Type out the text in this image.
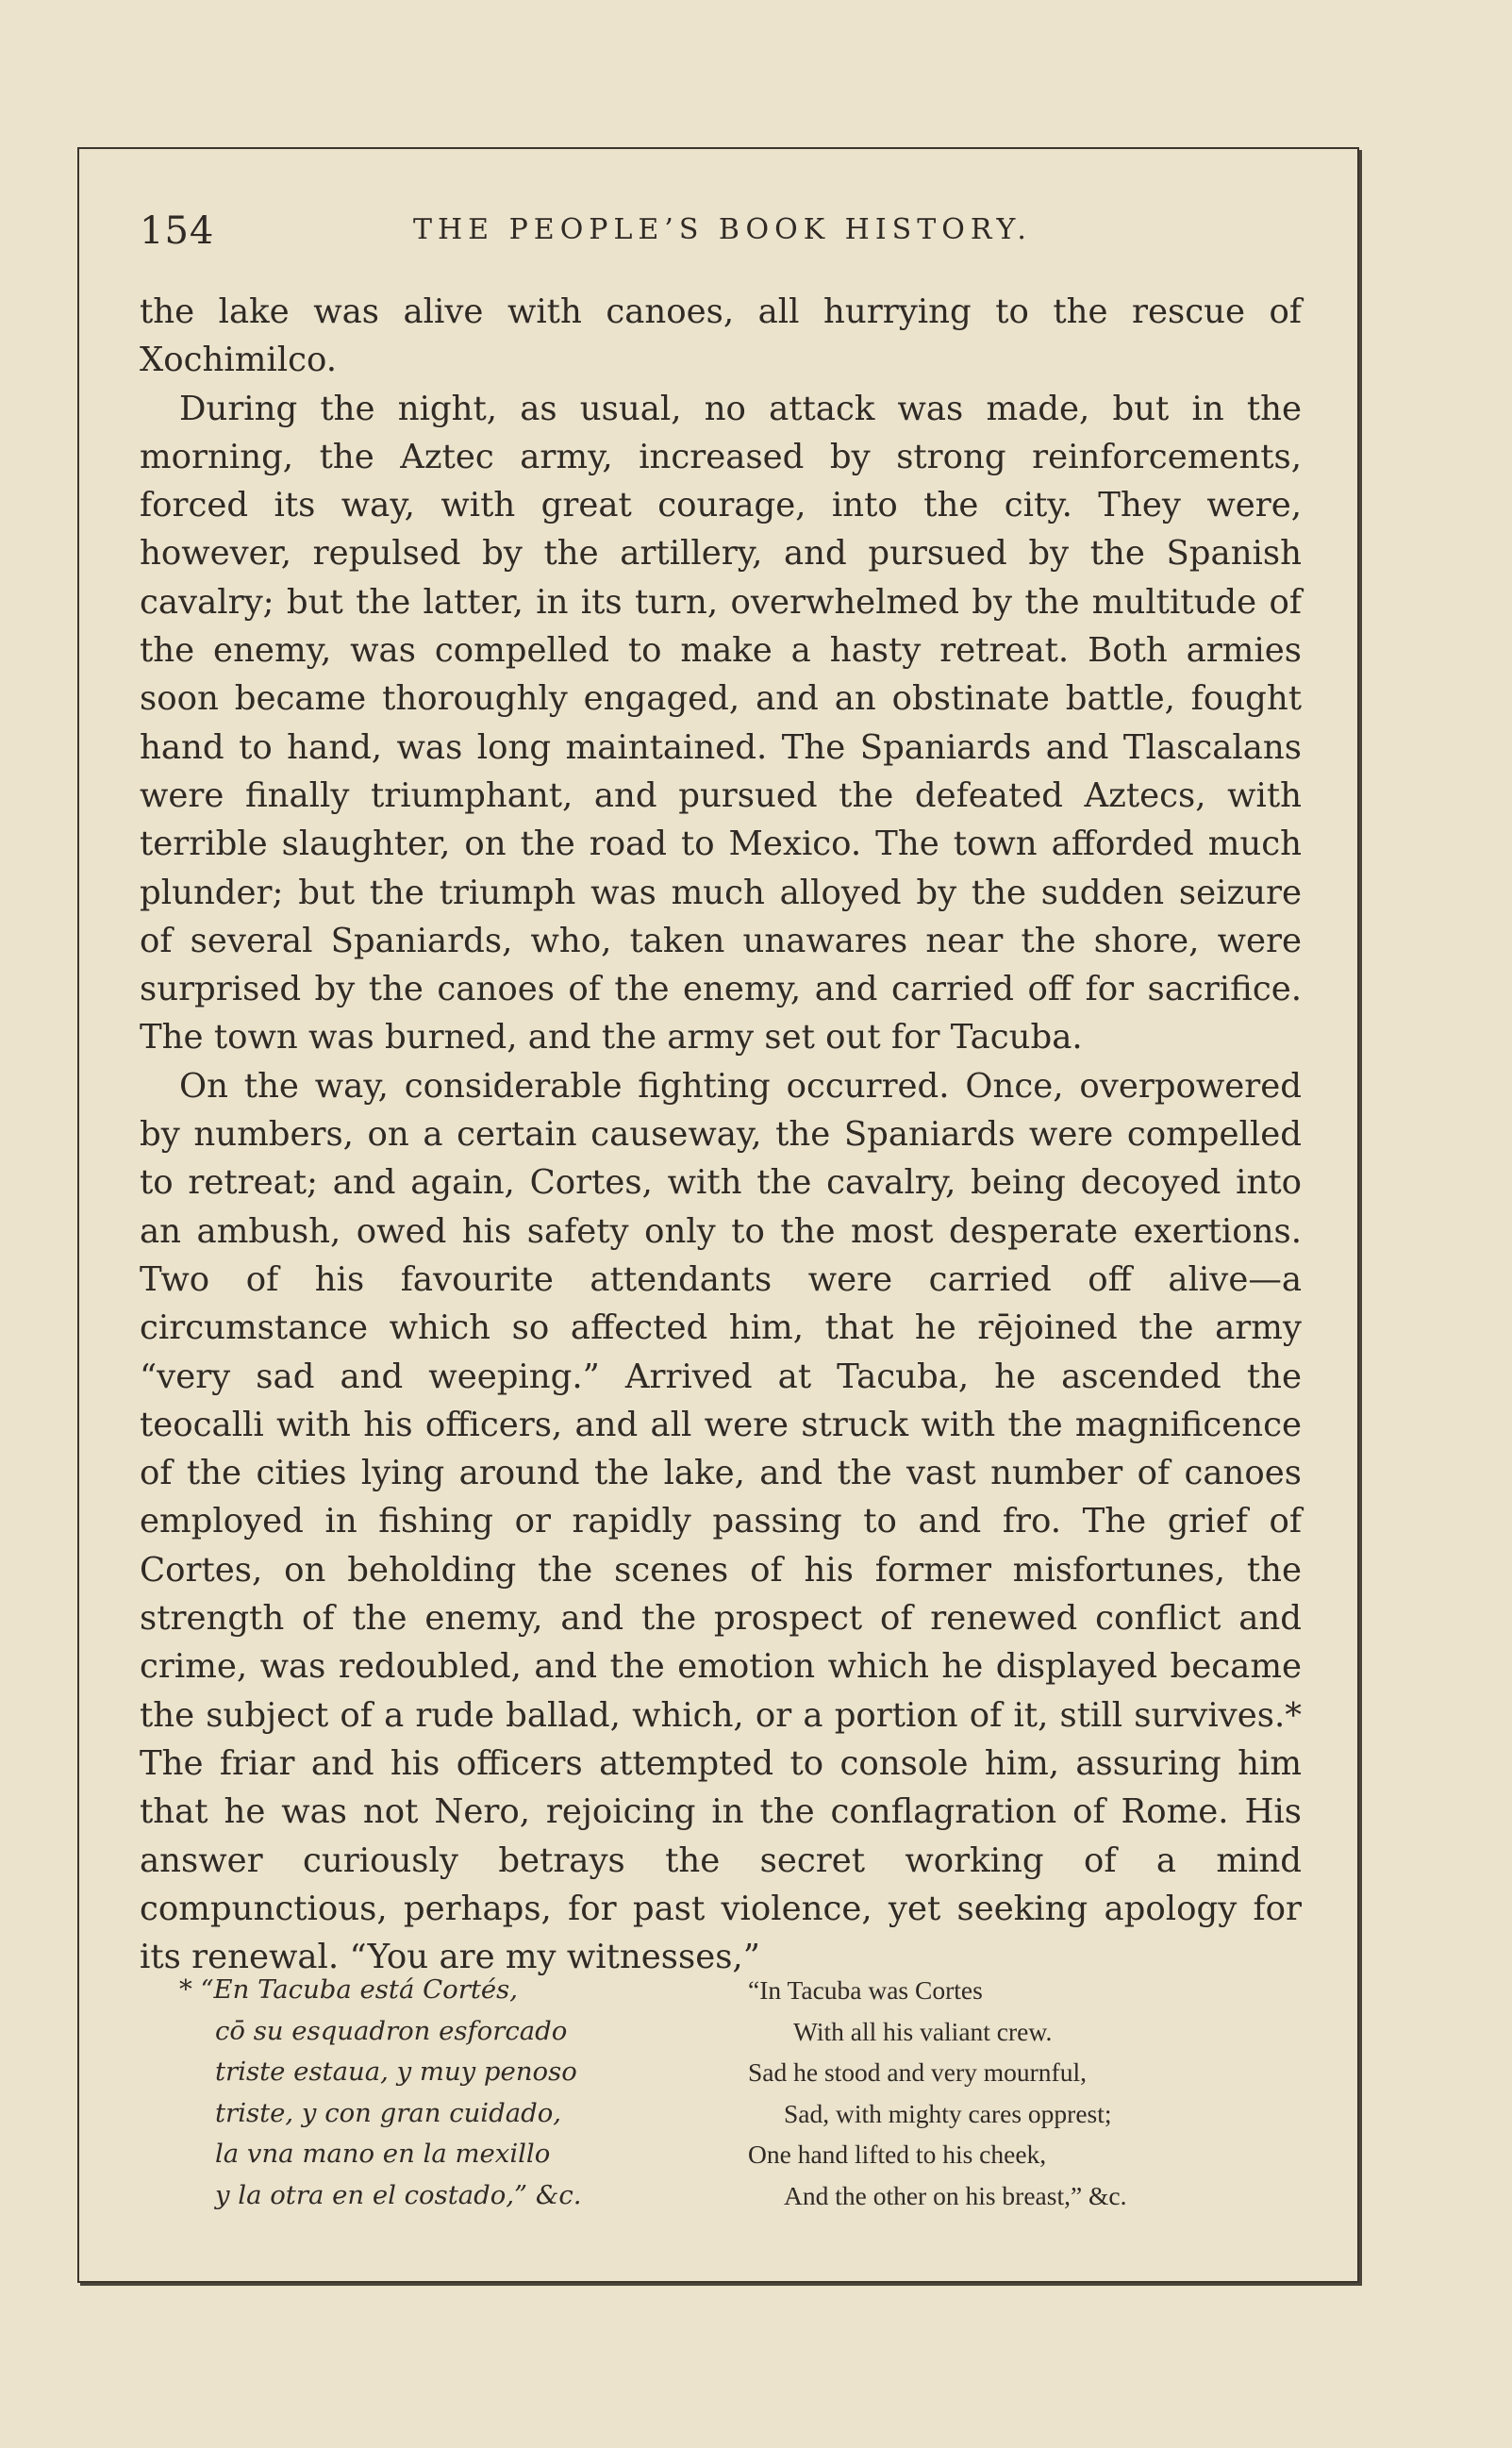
154	THE PEOPLE’S BOOK HISTORY.

the lake was alive with canoes, all hurrying to the rescue of Xochimilco.

During the night, as usual, no attack was made, but in the morning, the Aztec army, increased by strong reinforcements, forced its way, with great courage, into the city. They were, however, repulsed by the artillery, and pursued by the Spanish cavalry; but the latter, in its turn, overwhelmed by the multitude of the enemy, was compelled to make a hasty retreat. Both armies soon became thoroughly engaged, and an obstinate battle, fought hand to hand, was long maintained. The Spaniards and Tlascalans were finally triumphant, and pursued the defeated Aztecs, with terrible slaughter, on the road to Mexico. The town afforded much plunder; but the triumph was much alloyed by the sudden seizure of several Spaniards, who, taken unawares near the shore, were surprised by the canoes of the enemy, and carried off for sacrifice. The town was burned, and the army set out for Tacuba.

On the way, considerable fighting occurred. Once, overpowered by numbers, on a certain causeway, the Spaniards were compelled to retreat; and again, Cortes, with the cavalry, being decoyed into an ambush, owed his safety only to the most desperate exertions. Two of his favourite attendants were carried off alive—a circumstance which so affected him, that he rējoined the army “very sad and weeping.” Arrived at Tacuba, he ascended the teocalli with his officers, and all were struck with the magnificence of the cities lying around the lake, and the vast number of canoes employed in fishing or rapidly passing to and fro. The grief of Cortes, on beholding the scenes of his former misfortunes, the strength of the enemy, and the prospect of renewed conflict and crime, was redoubled, and the emotion which he displayed became the subject of a rude ballad, which, or a portion of it, still survives.* The friar and his officers attempted to console him, assuring him that he was not Nero, rejoicing in the conflagration of Rome. His answer curiously betrays the secret working of a mind compunctious, perhaps, for past violence, yet seeking apology for its renewal. “You are my witnesses,”

* “En Tacuba está Cortés,
cō su esquadron esforcado
triste estaua, y muy penoso
triste, y con gran cuidado,
la vna mano en la mexillo
y la otra en el costado,” &c.
“In Tacuba was Cortes
With all his valiant crew.
Sad he stood and very mournful,
Sad, with mighty cares opprest;
One hand lifted to his cheek,
And the other on his breast,” &c.
